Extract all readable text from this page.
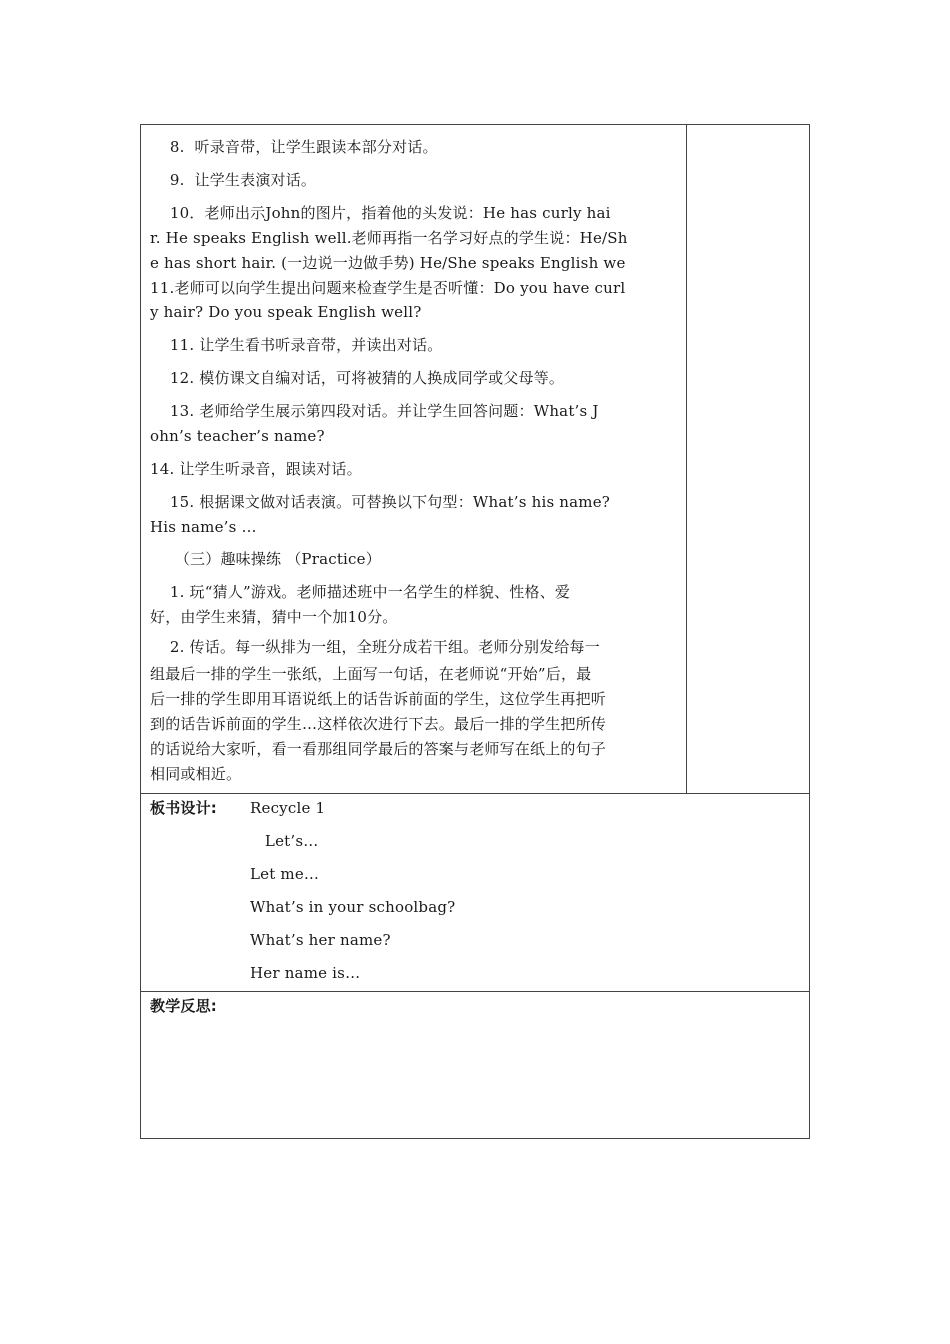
8.  听录音带，让学生跟读本部分对话。
9.  让学生表演对话。
10．老师出示John的图片，指着他的头发说：He has curly hai
r. He speaks English well.老师再指一名学习好点的学生说：He/Sh
e has short hair. (一边说一边做手势) He/She speaks English we
11.老师可以向学生提出问题来检查学生是否听懂：Do you have curl
y hair? Do you speak English well?
11. 让学生看书听录音带，并读出对话。
12. 模仿课文自编对话，可将被猜的人换成同学或父母等。
13. 老师给学生展示第四段对话。并让学生回答问题：What’s J
ohn’s teacher’s name?
14. 让学生听录音，跟读对话。
15. 根据课文做对话表演。可替换以下句型：What’s his name?
His name’s …
（三）趣味操练 （Practice）
1. 玩“猜人”游戏。老师描述班中一名学生的样貌、性格、爱
好，由学生来猜，猜中一个加10分。
2. 传话。每一纵排为一组，全班分成若干组。老师分别发给每一
组最后一排的学生一张纸，上面写一句话，在老师说“开始”后，最
后一排的学生即用耳语说纸上的话告诉前面的学生，这位学生再把听
到的话告诉前面的学生…这样依次进行下去。最后一排的学生把所传
的话说给大家听，看一看那组同学最后的答案与老师写在纸上的句子
相同或相近。
板书设计: Recycle 1
Let’s…
Let me…
What’s in your schoolbag?
What’s her name?
Her name is…
教学反思:
